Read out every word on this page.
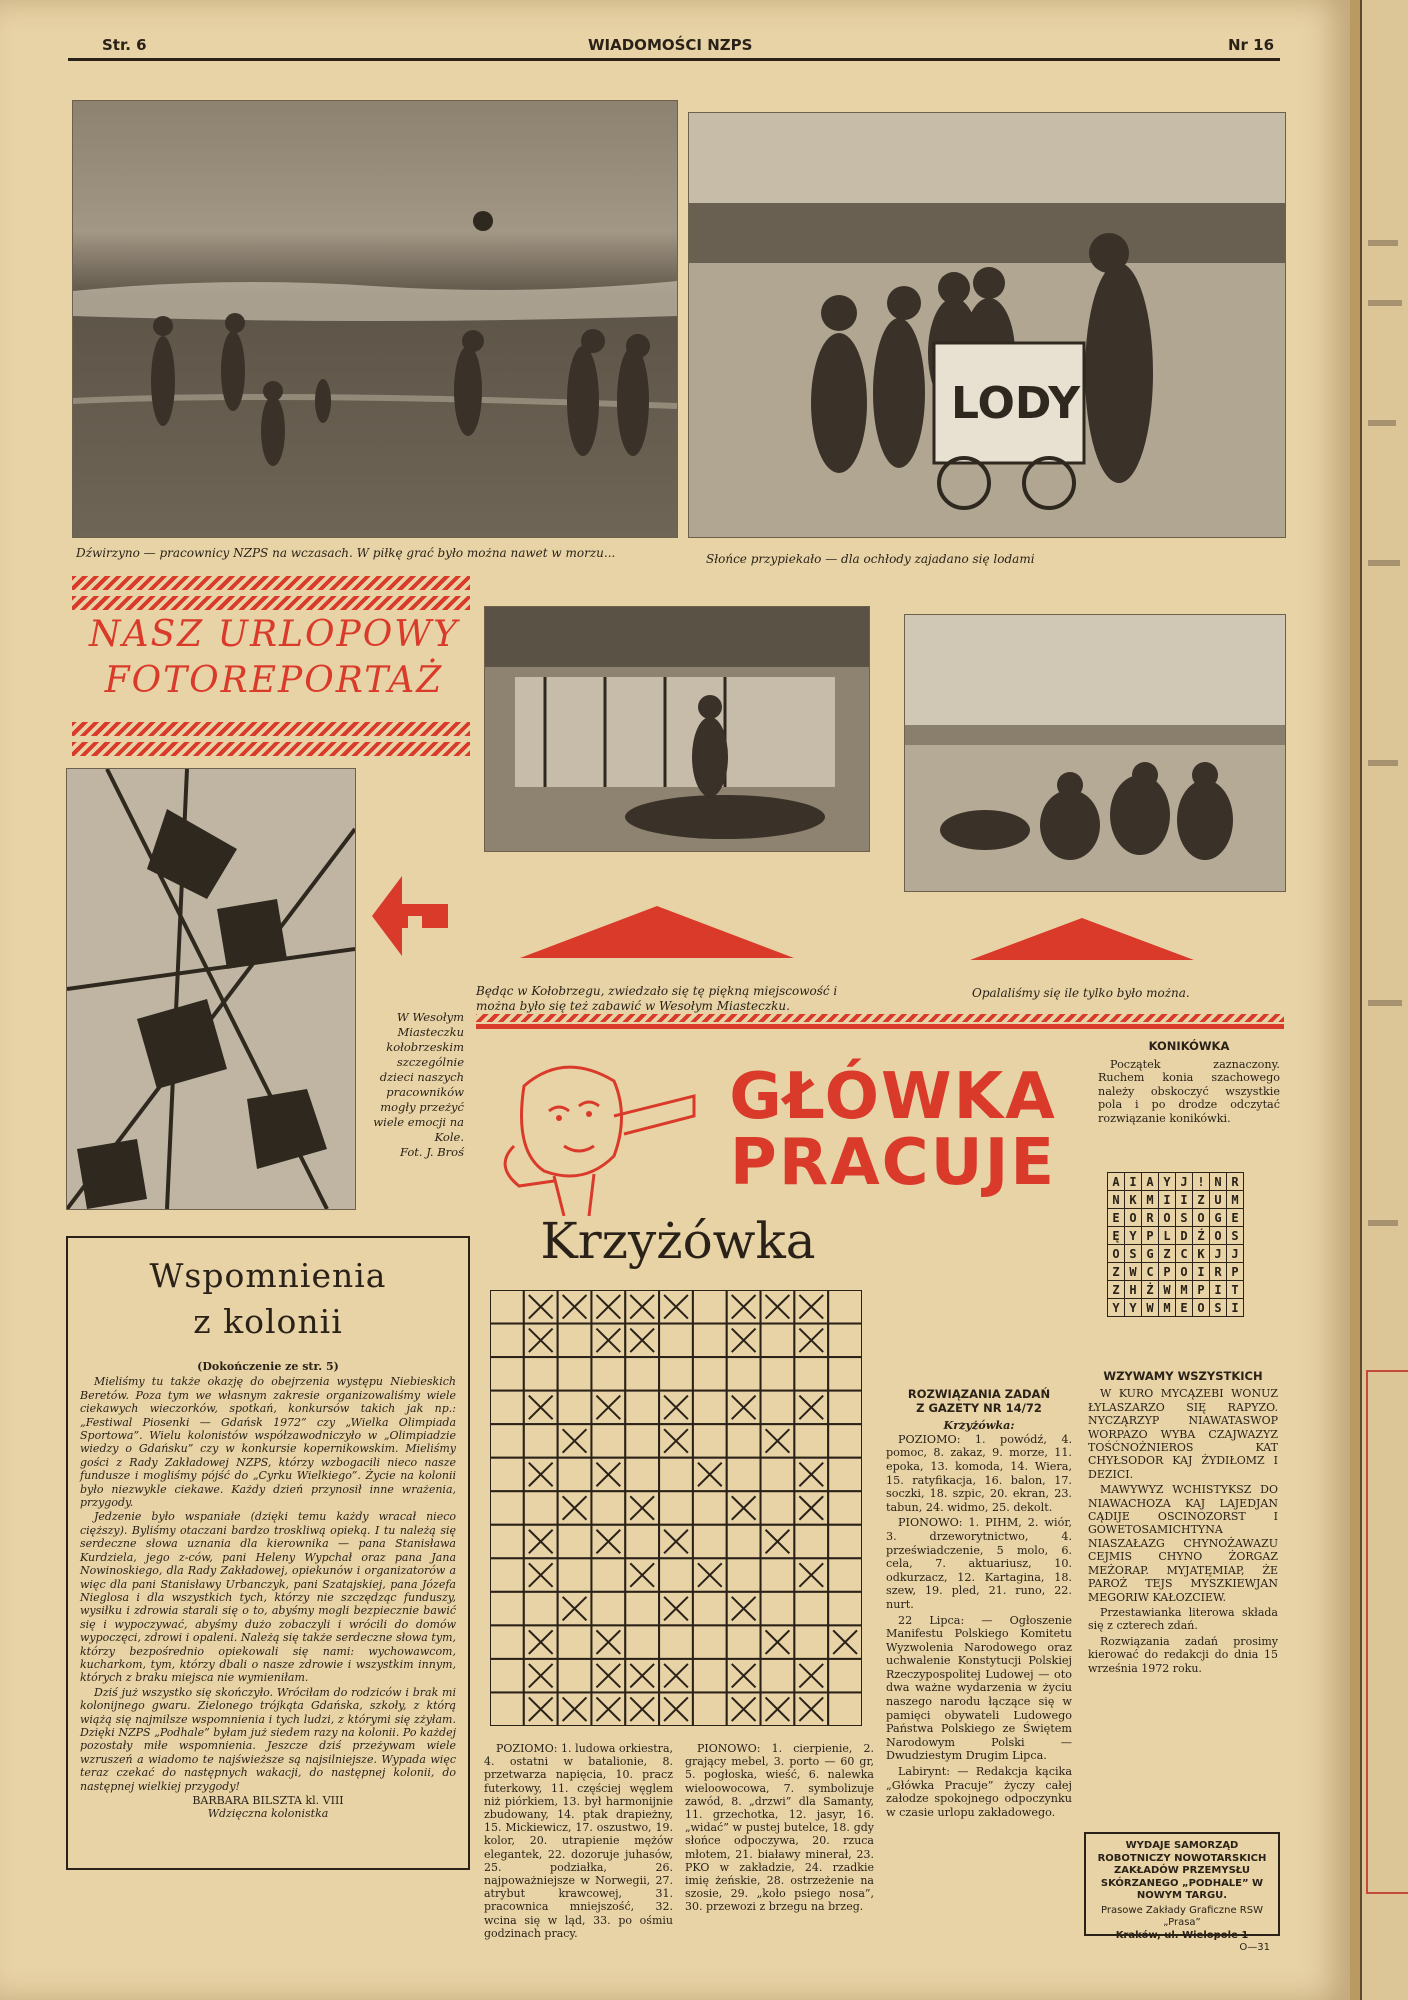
Str. 6	WIADOMOŚCI NZPS	Nr 16
Dźwirzyno — pracownicy NZPS na wczasach. W piłkę grać było można nawet w morzu...
LODY
Słońce przypiekało — dla ochłody zajadano się lodami
NASZ URLOPOWY
FOTOREPORTAŻ
Będąc w Kołobrzegu, zwiedzało się tę piękną miejscowość i można było się też zabawić w Wesołym Miasteczku.
Opalaliśmy się ile tylko było można.
W Wesołym Miasteczku kołobrzeskim szczególnie dzieci naszych pracowników mogły przeżyć wiele emocji na Kole.
Fot. J. Broś
Wspomnienia
z kolonii
(Dokończenie ze str. 5)

Mieliśmy tu także okazję do obejrzenia występu Niebieskich Beretów. Poza tym we własnym zakresie organizowaliśmy wiele ciekawych wieczorków, spotkań, konkursów takich jak np.: „Festiwal Piosenki — Gdańsk 1972” czy „Wielka Olimpiada Sportowa”. Wielu kolonistów współzawodniczyło w „Olimpiadzie wiedzy o Gdańsku” czy w konkursie kopernikowskim. Mieliśmy gości z Rady Zakładowej NZPS, którzy wzbogacili nieco nasze fundusze i mogliśmy pójść do „Cyrku Wielkiego”. Życie na kolonii było niezwykle ciekawe. Każdy dzień przynosił inne wrażenia, przygody.

Jedzenie było wspaniałe (dzięki temu każdy wracał nieco cięższy). Byliśmy otaczani bardzo troskliwą opieką. I tu należą się serdeczne słowa uznania dla kierownika — pana Stanisława Kurdziela, jego z-ców, pani Heleny Wypchał oraz pana Jana Nowinoskiego, dla Rady Zakładowej, opiekunów i organizatorów a więc dla pani Stanisławy Urbanczyk, pani Szatajskiej, pana Józefa Nieglosa i dla wszystkich tych, którzy nie szczędząc funduszy, wysiłku i zdrowia starali się o to, abyśmy mogli bezpiecznie bawić się i wypoczywać, abyśmy dużo zobaczyli i wrócili do domów wypoczęci, zdrowi i opaleni. Należą się także serdeczne słowa tym, którzy bezpośrednio opiekowali się nami: wychowawcom, kucharkom, tym, którzy dbali o nasze zdrowie i wszystkim innym, których z braku miejsca nie wymieniłam.

Dziś już wszystko się skończyło. Wróciłam do rodziców i brak mi kolonijnego gwaru. Zielonego trójkąta Gdańska, szkoły, z którą wiążą się najmilsze wspomnienia i tych ludzi, z którymi się zżyłam. Dzięki NZPS „Podhale” byłam już siedem razy na kolonii. Po każdej pozostały miłe wspomnienia. Jeszcze dziś przeżywam wiele wzruszeń a wiadomo te najświeższe są najsilniejsze. Wypada więc teraz czekać do następnych wakacji, do następnej kolonii, do następnej wielkiej przygody!

BARBARA BILSZTA kl. VIII
Wdzięczna kolonistka
GŁÓWKA
PRACUJE
KONIKÓWKA

Początek zaznaczony. Ruchem konia szachowego należy obskoczyć wszystkie pola i po drodze odczytać rozwiązanie konikówki.

A	I	A	Y	J	!	N	R
N	K	M	I	I	Z	U	M
E	O	R	O	S	O	G	E
Ę	Y	P	L	D	Ź	O	S
O	S	G	Z	C	K	J	J
Z	W	C	P	O	I	R	P
Z	H	Ż	W	M	P	I	T
Y	Y	W	M	E	O	S	I
Krzyżówka

POZIOMO: 1. ludowa orkiestra, 4. ostatni w batalionie, 8. przetwarza napięcia, 10. pracz futerkowy, 11. częściej węglem niż piórkiem, 13. był harmonijnie zbudowany, 14. ptak drapieżny, 15. Mickiewicz, 17. oszustwo, 19. kolor, 20. utrapienie mężów elegantek, 22. dozoruje juhasów, 25. podziałka, 26. najpoważniejsze w Norwegii, 27. atrybut krawcowej, 31. pracownica mniejszość, 32. wcina się w ląd, 33. po ośmiu godzinach pracy.

PIONOWO: 1. cierpienie, 2. grający mebel, 3. porto — 60 gr, 5. pogłoska, wieść, 6. nalewka wieloowocowa, 7. symbolizuje zawód, 8. „drzwi” dla Samanty, 11. grzechotka, 12. jasyr, 16. „widać” w pustej butelce, 18. gdy słońce odpoczywa, 20. rzuca młotem, 21. białawy minerał, 23. PKO w zakładzie, 24. rzadkie imię żeńskie, 28. ostrzeżenie na szosie, 29. „koło psiego nosa”, 30. przewozi z brzegu na brzeg.

ROZWIĄZANIA ZADAŃ
Z GAZETY NR 14/72
Krzyżówka:

POZIOMO: 1. powódź, 4. pomoc, 8. zakaz, 9. morze, 11. epoka, 13. komoda, 14. Wiera, 15. ratyfikacja, 16. balon, 17. soczki, 18. szpic, 20. ekran, 23. tabun, 24. widmo, 25. dekolt.

PIONOWO: 1. PIHM, 2. wiór, 3. drzeworytnictwo, 4. przeświadczenie, 5 molo, 6. cela, 7. aktuariusz, 10. odkurzacz, 12. Kartagina, 18. szew, 19. pled, 21. runo, 22. nurt.

22 Lipca: — Ogłoszenie Manifestu Polskiego Komitetu Wyzwolenia Narodowego oraz uchwalenie Konstytucji Polskiej Rzeczypospolitej Ludowej — oto dwa ważne wydarzenia w życiu naszego narodu łączące się w pamięci obywateli Ludowego Państwa Polskiego ze Świętem Narodowym Polski — Dwudziestym Drugim Lipca.

Labirynt: — Redakcja kącika „Główka Pracuje” życzy całej załodze spokojnego odpoczynku w czasie urlopu zakładowego.

WZYWAMY WSZYSTKICH

W KURO MYCĄZEBI WONUZ ŁYLASZARZO SIĘ RAPYZO. NYCZĄRZYP NIAWATASWOP WORPAZO WYBA CZAJWAZYZ TOŚĆNOŻNIEROS KAT CHYŁSODOR KAJ ŻYDIŁOMZ I DEZICI.

MAWYWYZ WCHISTYKSZ DO NIAWACHOZA KAJ LAJEDJAN CĄDIJE OSCINOZORST I GOWETOSAMICHTYNA NIASZAŁAZG CHYNOŻAWAZU CEJMIS CHYNO ŻORGAZ MEŻORAP. MYJATĘMIAP, ŻE PAROŻ TEJS MYSZKIEWJAN MEGORIW KAŁOZCIEW.

Przestawianka literowa składa się z czterech zdań.

Rozwiązania zadań prosimy kierować do redakcji do dnia 15 września 1972 roku.

WYDAJE SAMORZĄD ROBOTNICZY NOWOTARSKICH ZAKŁADÓW PRZEMYSŁU SKÓRZANEGO „PODHALE” W NOWYM TARGU.
Prasowe Zakłady Graficzne RSW „Prasa”
Kraków, ul. Wielopole 1
O—31
